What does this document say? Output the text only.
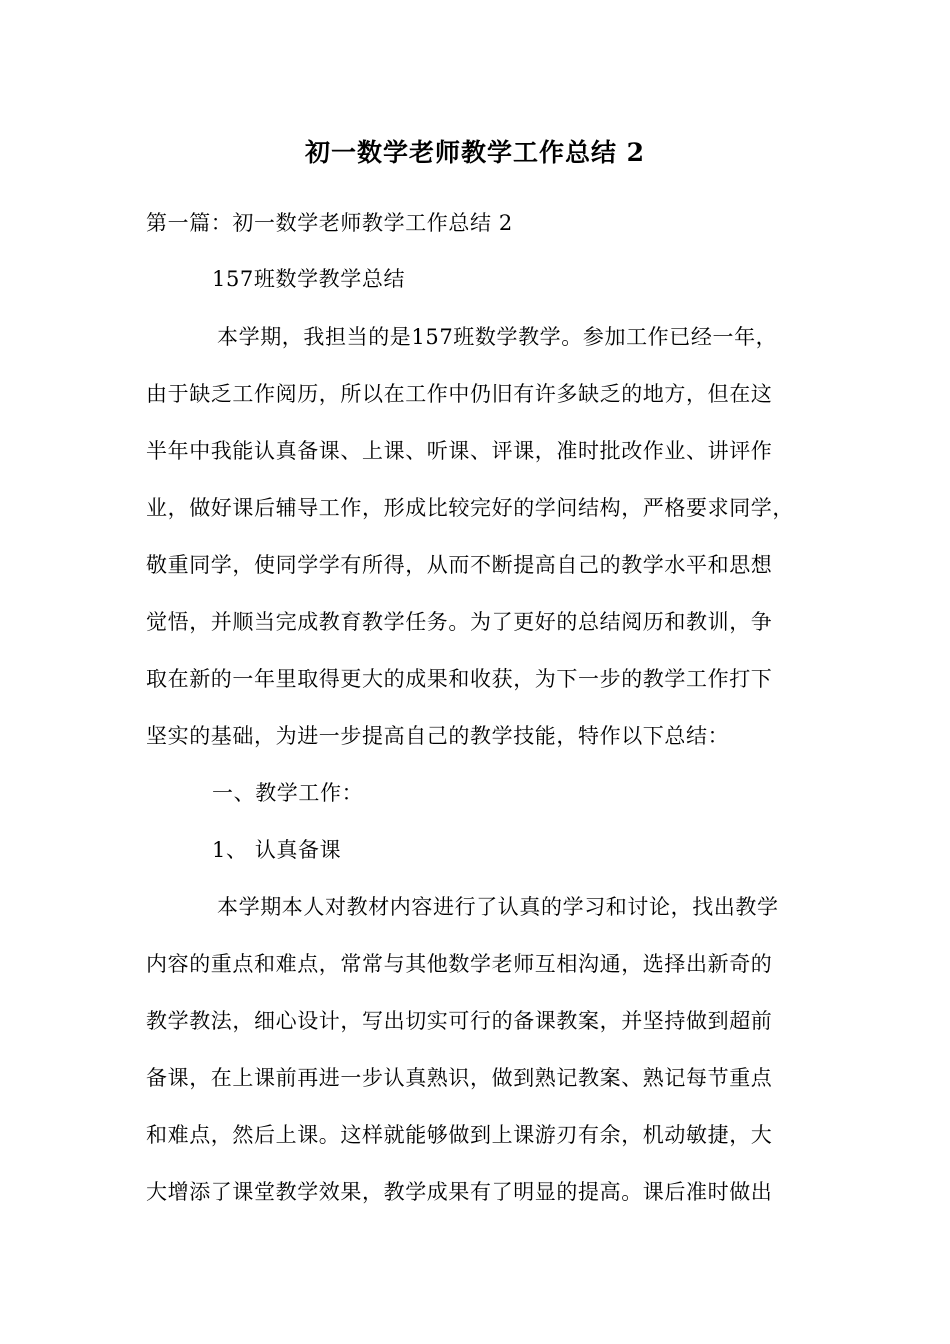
初一数学老师教学工作总结 2
第一篇：初一数学老师教学工作总结 2
157班数学教学总结
本学期，我担当的是157班数学教学。参加工作已经一年，
由于缺乏工作阅历，所以在工作中仍旧有许多缺乏的地方，但在这
半年中我能认真备课、上课、听课、评课，准时批改作业、讲评作
业，做好课后辅导工作，形成比较完好的学问结构，严格要求同学，
敬重同学，使同学学有所得，从而不断提高自己的教学水平和思想
觉悟，并顺当完成教育教学任务。为了更好的总结阅历和教训，争
取在新的一年里取得更大的成果和收获，为下一步的教学工作打下
坚实的基础，为进一步提高自己的教学技能，特作以下总结：
一、教学工作：
1、 认真备课
本学期本人对教材内容进行了认真的学习和讨论，找出教学
内容的重点和难点，常常与其他数学老师互相沟通，选择出新奇的
教学教法，细心设计，写出切实可行的备课教案，并坚持做到超前
备课，在上课前再进一步认真熟识，做到熟记教案、熟记每节重点
和难点，然后上课。这样就能够做到上课游刃有余，机动敏捷，大
大增添了课堂教学效果，教学成果有了明显的提高。课后准时做出
